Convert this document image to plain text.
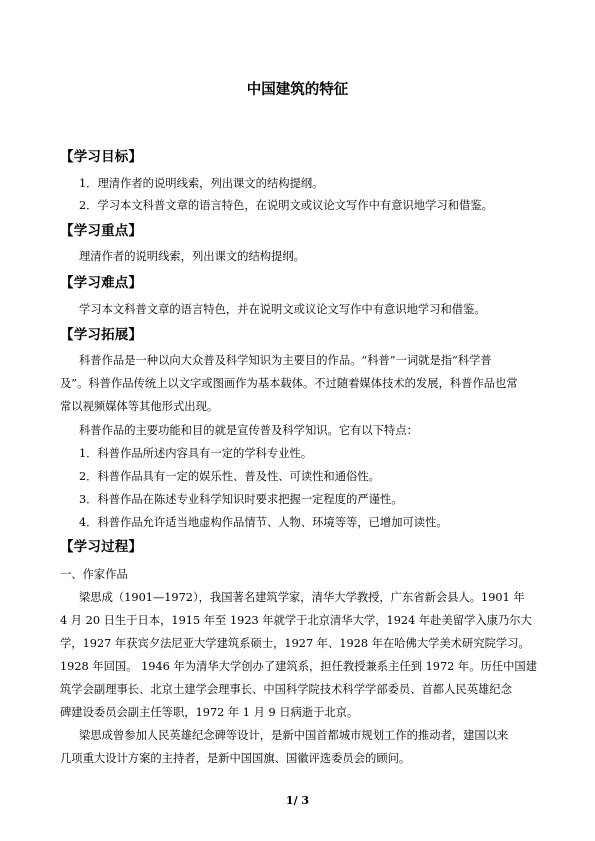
中国建筑的特征
【学习目标】
1．理清作者的说明线索，列出课文的结构提纲。
2．学习本文科普文章的语言特色，在说明文或议论文写作中有意识地学习和借鉴。
【学习重点】
理清作者的说明线索，列出课文的结构提纲。
【学习难点】
学习本文科普文章的语言特色，并在说明文或议论文写作中有意识地学习和借鉴。
【学习拓展】
科普作品是一种以向大众普及科学知识为主要目的作品。“科普”一词就是指“科学普
及”。科普作品传统上以文字或图画作为基本载体。不过随着媒体技术的发展，科普作品也常
常以视频媒体等其他形式出现。
科普作品的主要功能和目的就是宣传普及科学知识。它有以下特点：
1．科普作品所述内容具有一定的学科专业性。
2．科普作品具有一定的娱乐性、普及性、可读性和通俗性。
3．科普作品在陈述专业科学知识时要求把握一定程度的严谨性。
4．科普作品允许适当地虚构作品情节、人物、环境等等，已增加可读性。
【学习过程】
一、作家作品
梁思成（1901—1972），我国著名建筑学家，清华大学教授，广东省新会县人。1901 年
4 月 20 日生于日本，1915 年至 1923 年就学于北京清华大学，1924 年赴美留学入康乃尔大
学，1927 年获宾夕法尼亚大学建筑系硕士，1927 年、1928 年在哈佛大学美术研究院学习。
1928 年回国。 1946 年为清华大学创办了建筑系，担任教授兼系主任到 1972 年。历任中国建
筑学会副理事长、北京土建学会理事长、中国科学院技术科学学部委员、首都人民英雄纪念
碑建设委员会副主任等职，1972 年 1 月 9 日病逝于北京。
梁思成曾参加人民英雄纪念碑等设计，是新中国首都城市规划工作的推动者，建国以来
几项重大设计方案的主持者，是新中国国旗、国徽评选委员会的顾问。
1/ 3
